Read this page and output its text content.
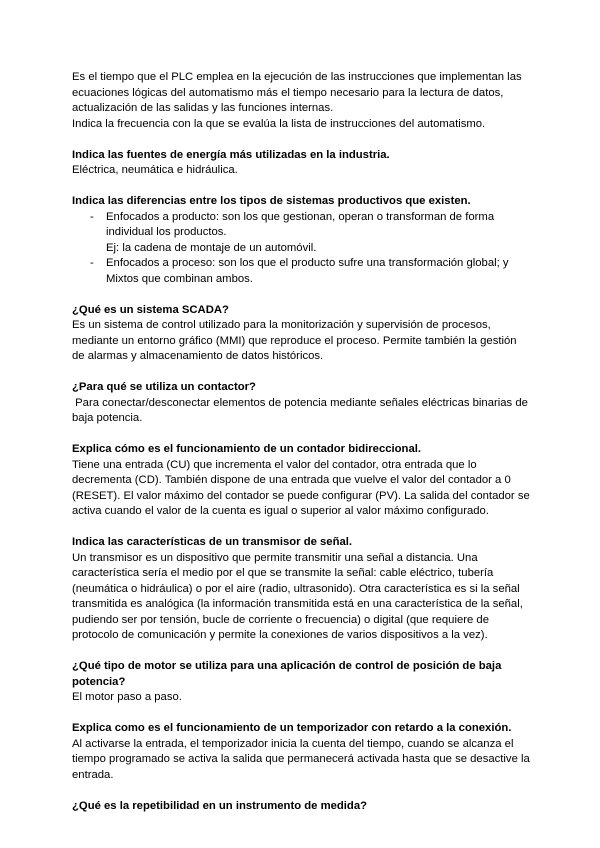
Es el tiempo que el PLC emplea en la ejecución de las instrucciones que implementan las ecuaciones lógicas del automatismo más el tiempo necesario para la lectura de datos, actualización de las salidas y las funciones internas.

Indica la frecuencia con la que se evalúa la lista de instrucciones del automatismo.

Indica las fuentes de energía más utilizadas en la industria.

Eléctrica, neumática e hidráulica.

Indica las diferencias entre los tipos de sistemas productivos que existen.

- Enfocados a producto: son los que gestionan, operan o transforman de forma individual los productos.

Ej: la cadena de montaje de un automóvil.

- Enfocados a proceso: son los que el producto sufre una transformación global; y Mixtos que combinan ambos.

¿Qué es un sistema SCADA?

Es un sistema de control utilizado para la monitorización y supervisión de procesos, mediante un entorno gráfico (MMI) que reproduce el proceso. Permite también la gestión de alarmas y almacenamiento de datos históricos.

¿Para qué se utiliza un contactor?

Para conectar/desconectar elementos de potencia mediante señales eléctricas binarias de baja potencia.

Explica cómo es el funcionamiento de un contador bidireccional.

Tiene una entrada (CU) que incrementa el valor del contador, otra entrada que lo decrementa (CD). También dispone de una entrada que vuelve el valor del contador a 0 (RESET). El valor máximo del contador se puede configurar (PV). La salida del contador se activa cuando el valor de la cuenta es igual o superior al valor máximo configurado.

Indica las características de un transmisor de señal.

Un transmisor es un dispositivo que permite transmitir una señal a distancia. Una característica sería el medio por el que se transmite la señal: cable eléctrico, tubería (neumática o hidráulica) o por el aire (radio, ultrasonido). Otra característica es si la señal transmitida es analógica (la información transmitida está en una característica de la señal, pudiendo ser por tensión, bucle de corriente o frecuencia) o digital (que requiere de protocolo de comunicación y permite la conexiones de varios dispositivos a la vez).

¿Qué tipo de motor se utiliza para una aplicación de control de posición de baja potencia?

El motor paso a paso.

Explica como es el funcionamiento de un temporizador con retardo a la conexión.

Al activarse la entrada, el temporizador inicia la cuenta del tiempo, cuando se alcanza el tiempo programado se activa la salida que permanecerá activada hasta que se desactive la entrada.

¿Qué es la repetibilidad en un instrumento de medida?
